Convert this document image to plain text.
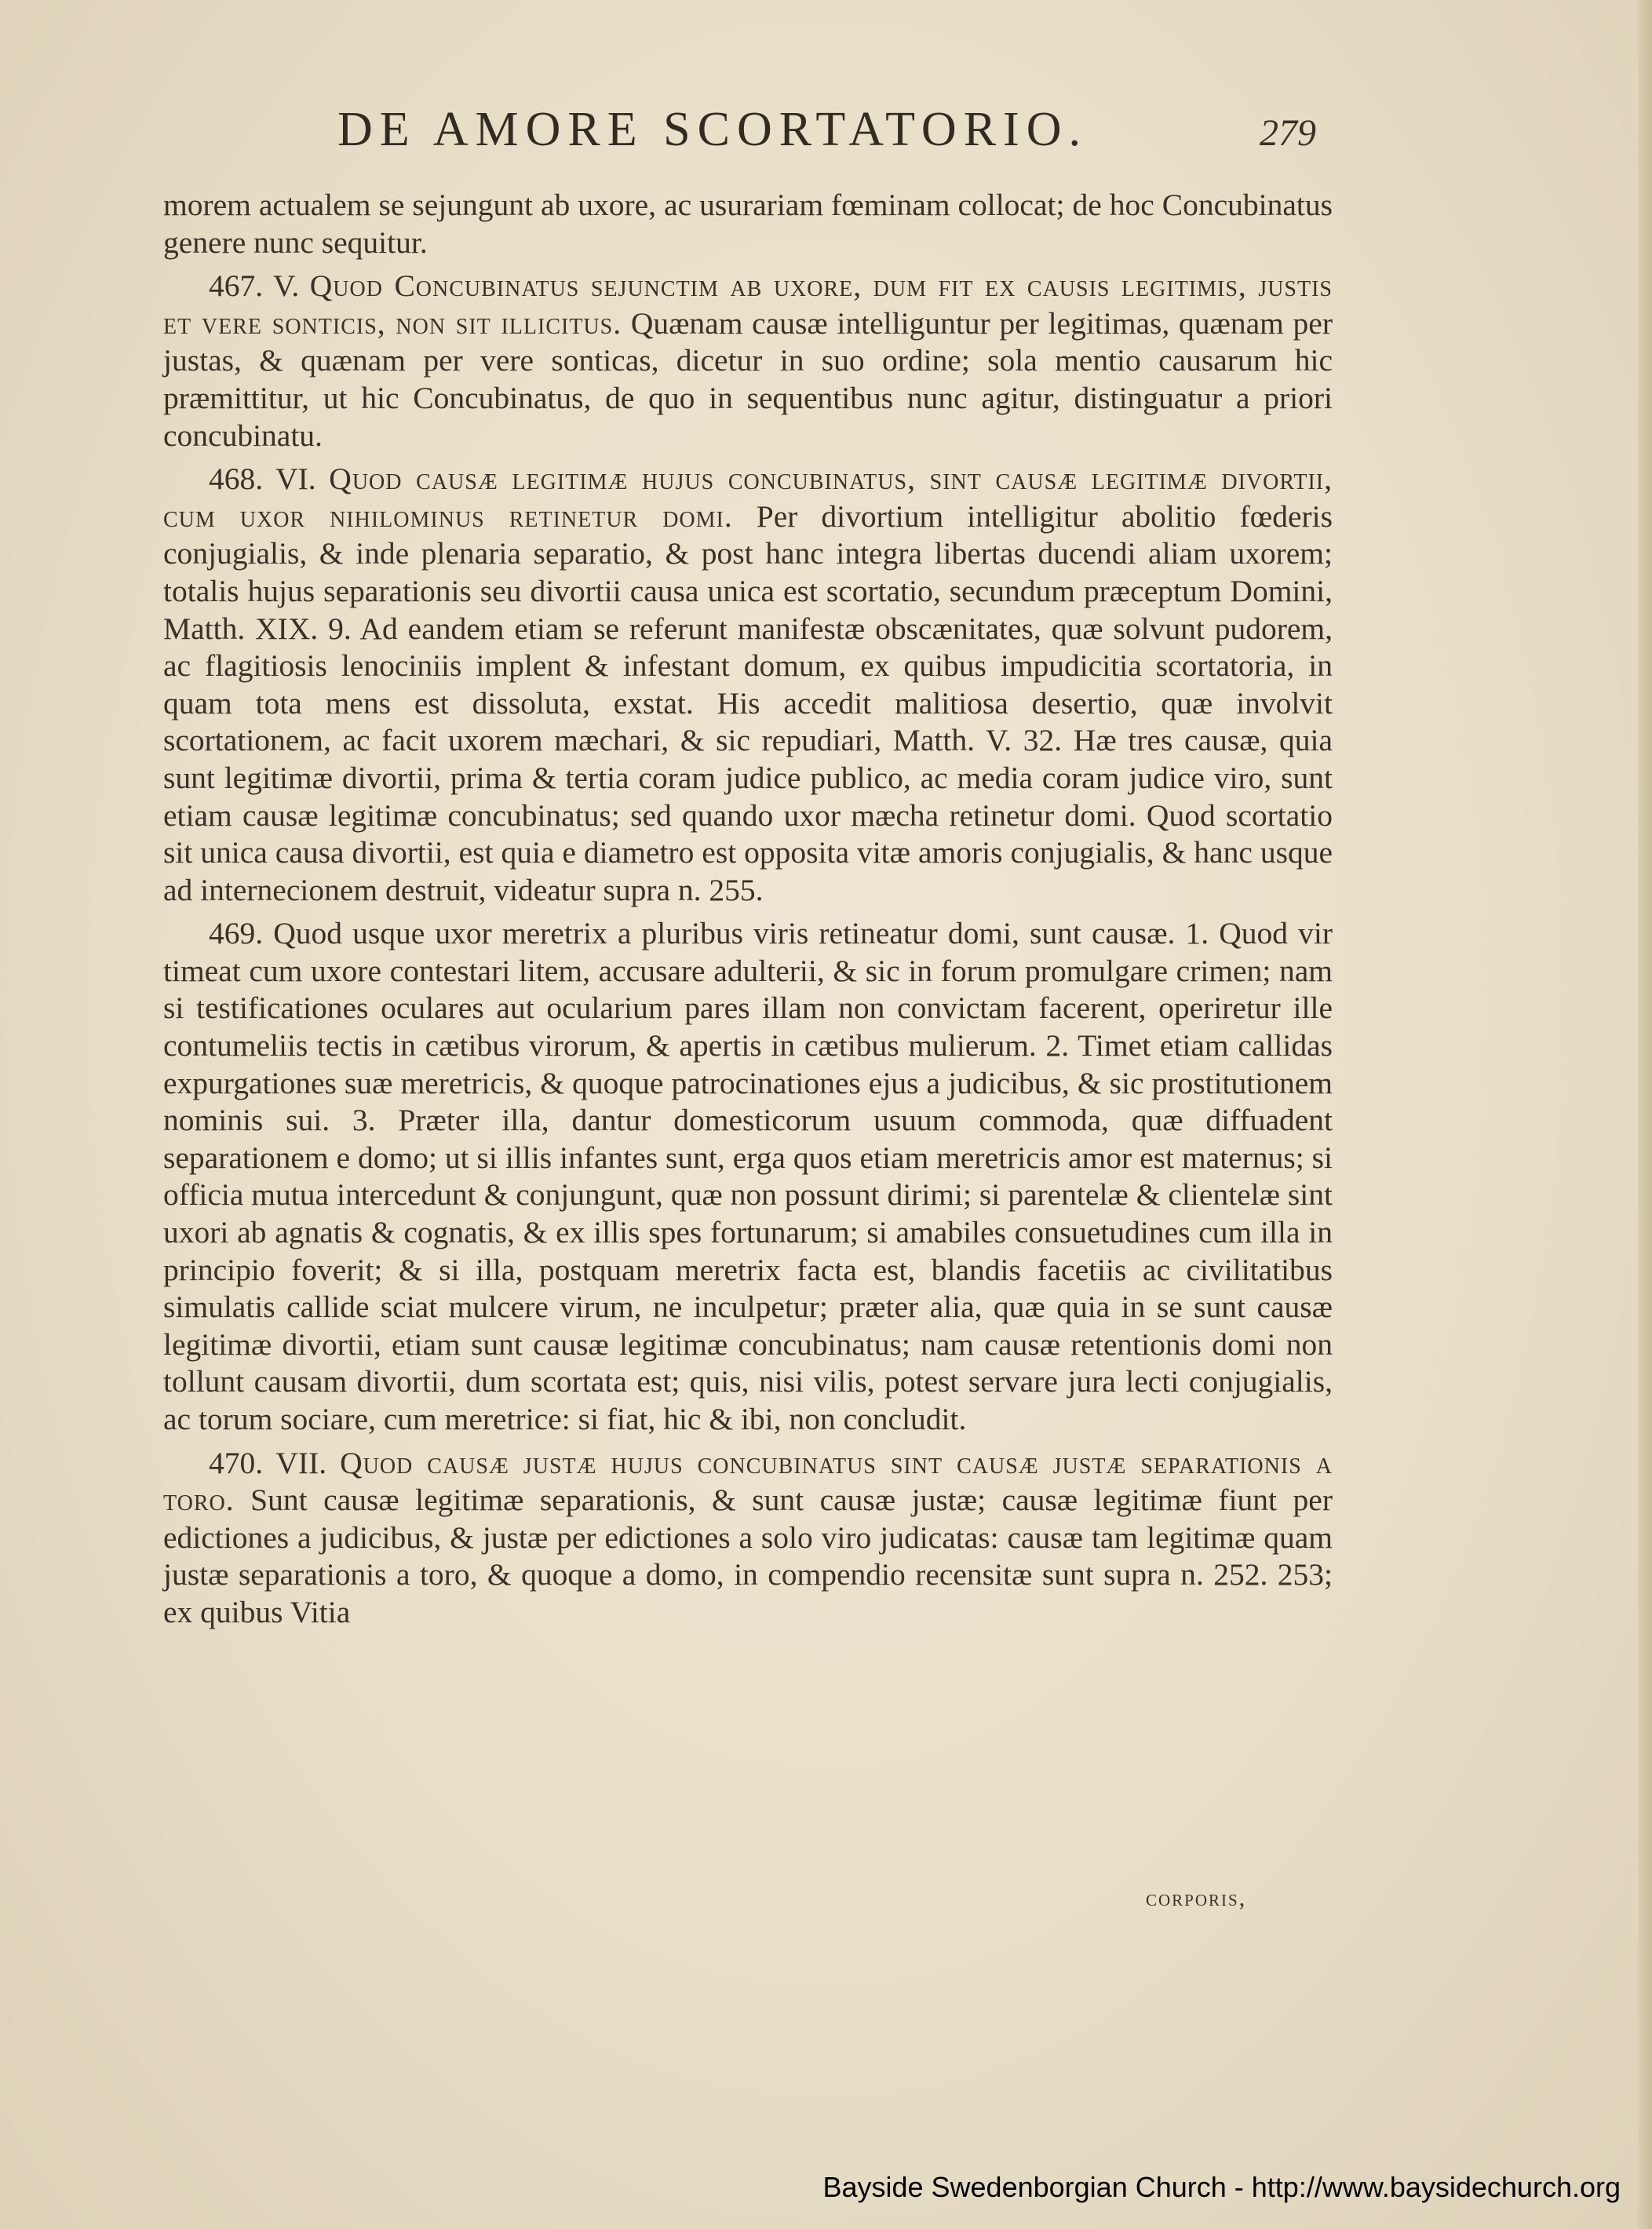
DE AMORE SCORTATORIO.	279

morem actualem se sejungunt ab uxore, ac usurariam fœminam collocat; de hoc Concubinatus genere nunc sequitur.

467. V. Quod Concubinatus sejunctim ab uxore, dum fit ex causis legitimis, justis et vere sonticis, non sit illicitus. Quænam causæ intelliguntur per legitimas, quænam per justas, & quænam per vere sonticas, dicetur in suo ordine; sola mentio causarum hic præmittitur, ut hic Concubinatus, de quo in sequentibus nunc agitur, distinguatur a priori concubinatu.

468. VI. Quod causæ legitimæ hujus concubinatus, sint causæ legitimæ divortii, cum uxor nihilominus retinetur domi. Per divortium intelligitur abolitio fœderis conjugialis, & inde plenaria separatio, & post hanc integra libertas ducendi aliam uxorem; totalis hujus separationis seu divortii causa unica est scortatio, secundum præceptum Domini, Matth. XIX. 9. Ad eandem etiam se referunt manifestæ obscænitates, quæ solvunt pudorem, ac flagitiosis lenociniis implent & infestant domum, ex quibus impudicitia scortatoria, in quam tota mens est dissoluta, exstat. His accedit malitiosa desertio, quæ involvit scortationem, ac facit uxorem mæchari, & sic repudiari, Matth. V. 32. Hæ tres causæ, quia sunt legitimæ divortii, prima & tertia coram judice publico, ac media coram judice viro, sunt etiam causæ legitimæ concubinatus; sed quando uxor mæcha retinetur domi. Quod scortatio sit unica causa divortii, est quia e diametro est opposita vitæ amoris conjugialis, & hanc usque ad internecionem destruit, videatur supra n. 255.

469. Quod usque uxor meretrix a pluribus viris retineatur domi, sunt causæ. 1. Quod vir timeat cum uxore contestari litem, accusare adulterii, & sic in forum promulgare crimen; nam si testificationes oculares aut ocularium pares illam non convictam facerent, operiretur ille contumeliis tectis in cætibus virorum, & apertis in cætibus mulierum. 2. Timet etiam callidas expurgationes suæ meretricis, & quoque patrocinationes ejus a judicibus, & sic prostitutionem nominis sui. 3. Præter illa, dantur domesticorum usuum commoda, quæ diffuadent separationem e domo; ut si illis infantes sunt, erga quos etiam meretricis amor est maternus; si officia mutua intercedunt & conjungunt, quæ non possunt dirimi; si parentelæ & clientelæ sint uxori ab agnatis & cognatis, & ex illis spes fortunarum; si amabiles consuetudines cum illa in principio foverit; & si illa, postquam meretrix facta est, blandis facetiis ac civilitatibus simulatis callide sciat mulcere virum, ne inculpetur; præter alia, quæ quia in se sunt causæ legitimæ divortii, etiam sunt causæ legitimæ concubinatus; nam causæ retentionis domi non tollunt causam divortii, dum scortata est; quis, nisi vilis, potest servare jura lecti conjugialis, ac torum sociare, cum meretrice: si fiat, hic & ibi, non concludit.

470. VII. Quod causæ justæ hujus concubinatus sint causæ justæ separationis a toro. Sunt causæ legitimæ separationis, & sunt causæ justæ; causæ legitimæ fiunt per edictiones a judicibus, & justæ per edictiones a solo viro judicatas: causæ tam legitimæ quam justæ separationis a toro, & quoque a domo, in compendio recensitæ sunt supra n. 252. 253; ex quibus Vitia

corporis,
Bayside Swedenborgian Church - http://www.baysidechurch.org
